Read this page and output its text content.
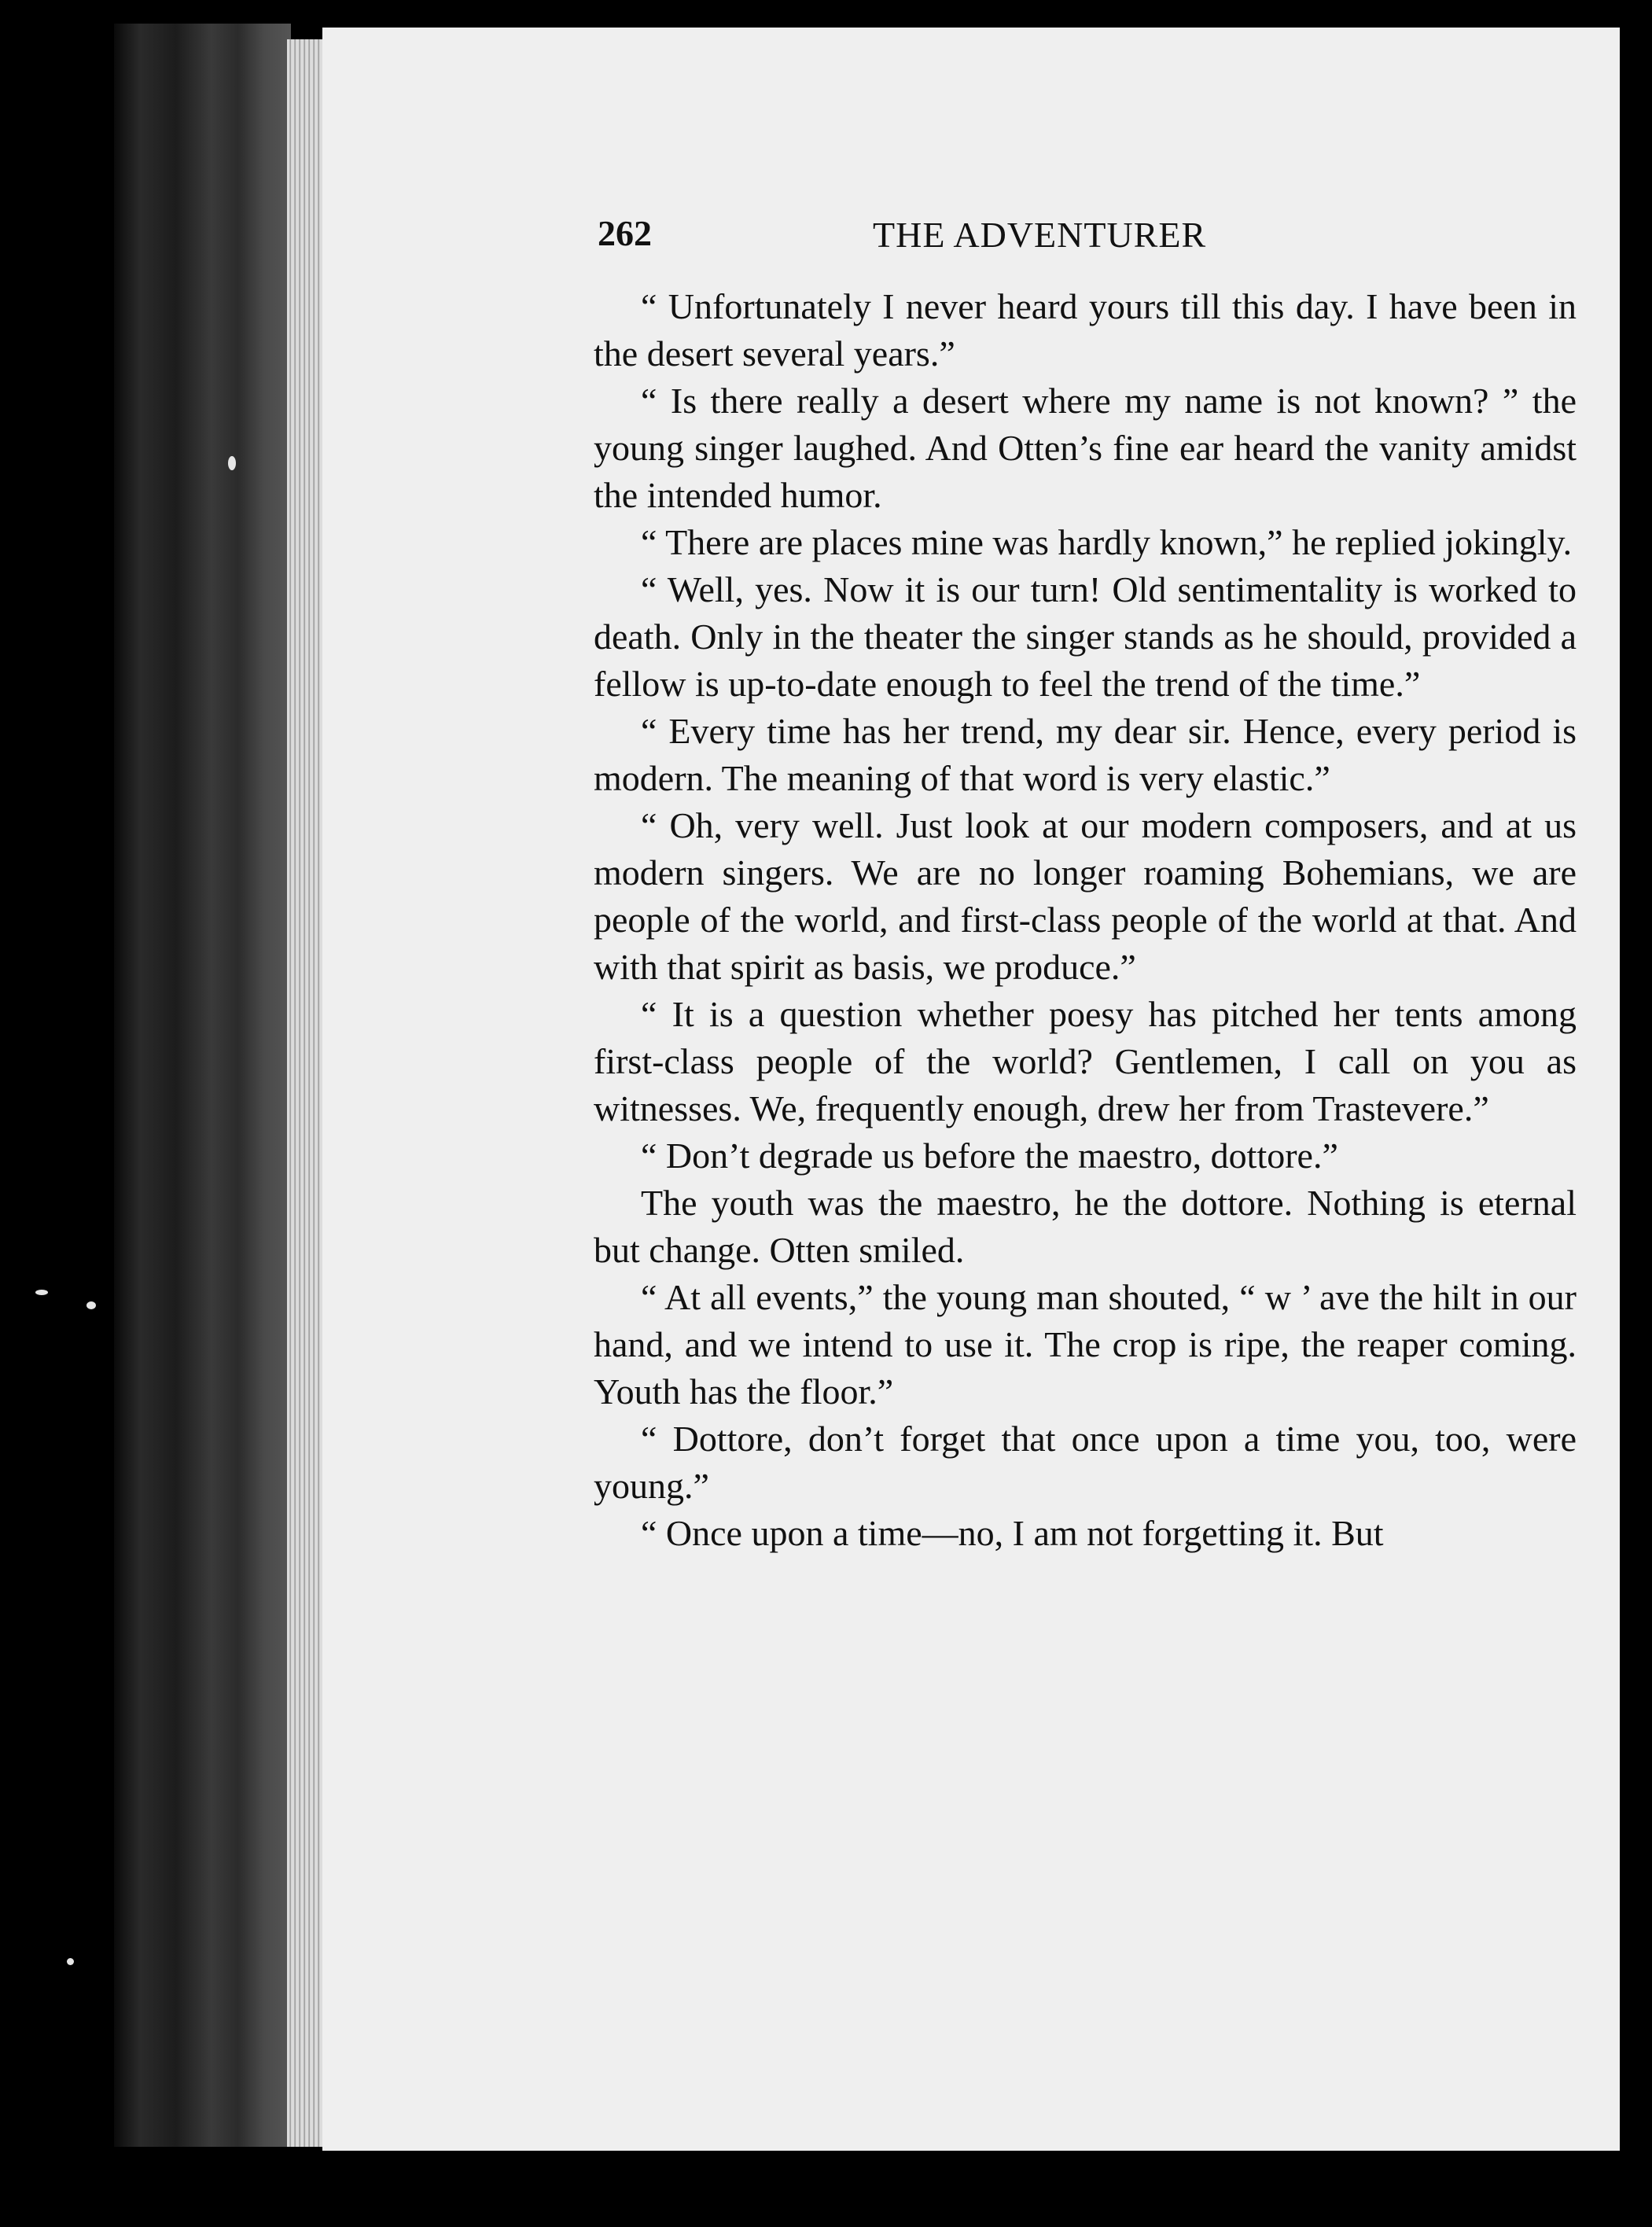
262	THE ADVENTURER

“ Unfortunately I never heard yours till this day. I have been in the desert several years.”

“ Is there really a desert where my name is not known? ” the young singer laughed. And Otten’s fine ear heard the vanity amidst the intended humor.

“ There are places mine was hardly known,” he replied jokingly.

“ Well, yes. Now it is our turn! Old sentimentality is worked to death. Only in the theater the singer stands as he should, provided a fellow is up-to-date enough to feel the trend of the time.”

“ Every time has her trend, my dear sir. Hence, every period is modern. The meaning of that word is very elastic.”

“ Oh, very well. Just look at our modern composers, and at us modern singers. We are no longer roaming Bohemians, we are people of the world, and first-class people of the world at that. And with that spirit as basis, we produce.”

“ It is a question whether poesy has pitched her tents among first-class people of the world? Gentlemen, I call on you as witnesses. We, frequently enough, drew her from Trastevere.”

“ Don’t degrade us before the maestro, dottore.”

The youth was the maestro, he the dottore. Nothing is eternal but change. Otten smiled.

“ At all events,” the young man shouted, “ w ’ ave the hilt in our hand, and we intend to use it. The crop is ripe, the reaper coming. Youth has the floor.”

“ Dottore, don’t forget that once upon a time you, too, were young.”

“ Once upon a time—no, I am not forgetting it. But
